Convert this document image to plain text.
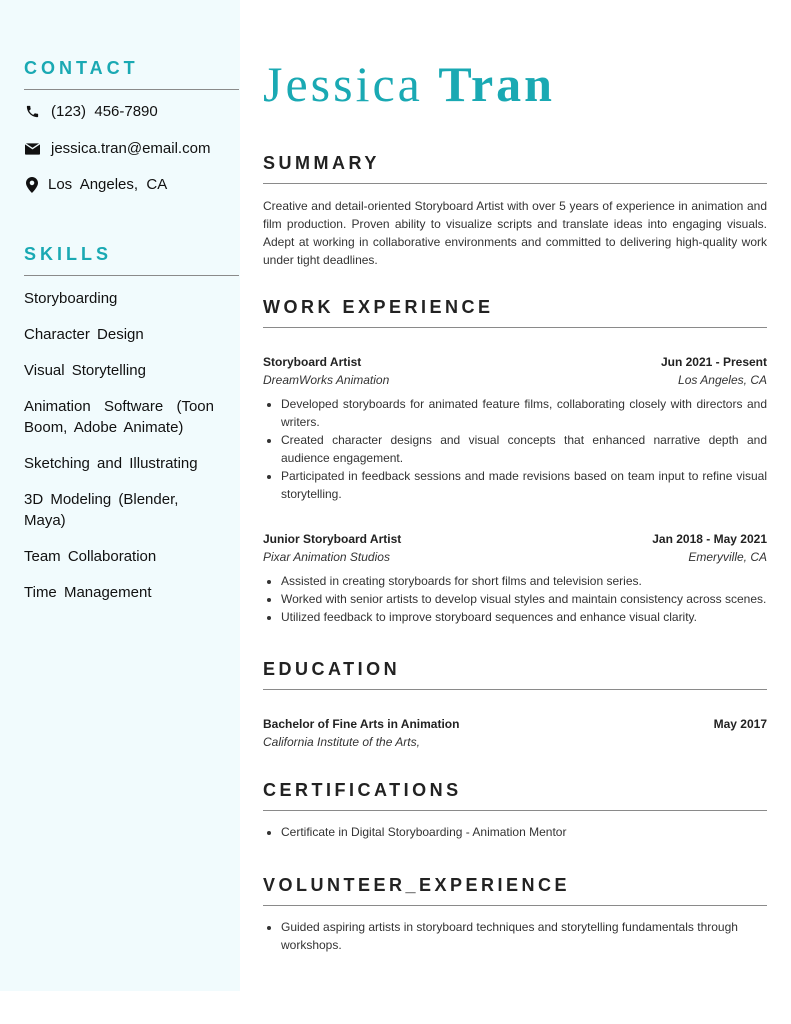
CONTACT
(123)  456-7890
jessica.tran@email.com
Los  Angeles,  CA
SKILLS
Storyboarding
Character Design
Visual Storytelling
Animation Software (Toon Boom, Adobe Animate)
Sketching and Illustrating
3D Modeling (Blender, Maya)
Team Collaboration
Time Management
Jessica Tran
SUMMARY

Creative and detail-oriented Storyboard Artist with over 5 years of experience in animation and film production. Proven ability to visualize scripts and translate ideas into engaging visuals. Adept at working in collaborative environments and committed to delivering high-quality work under tight deadlines.

WORK EXPERIENCE
Storyboard Artist	Jun 2021 - Present
DreamWorks Animation	Los Angeles, CA
• Developed storyboards for animated feature films, collaborating closely with directors and writers.
• Created character designs and visual concepts that enhanced narrative depth and audience engagement.
• Participated in feedback sessions and made revisions based on team input to refine visual storytelling.
Junior Storyboard Artist	Jan 2018 - May 2021
Pixar Animation Studios	Emeryville, CA
• Assisted in creating storyboards for short films and television series.
• Worked with senior artists to develop visual styles and maintain consistency across scenes.
• Utilized feedback to improve storyboard sequences and enhance visual clarity.
EDUCATION
Bachelor of Fine Arts in Animation	May 2017
California Institute of the Arts,
CERTIFICATIONS
• Certificate in Digital Storyboarding - Animation Mentor
VOLUNTEER_EXPERIENCE
• Guided aspiring artists in storyboard techniques and storytelling fundamentals through workshops.
